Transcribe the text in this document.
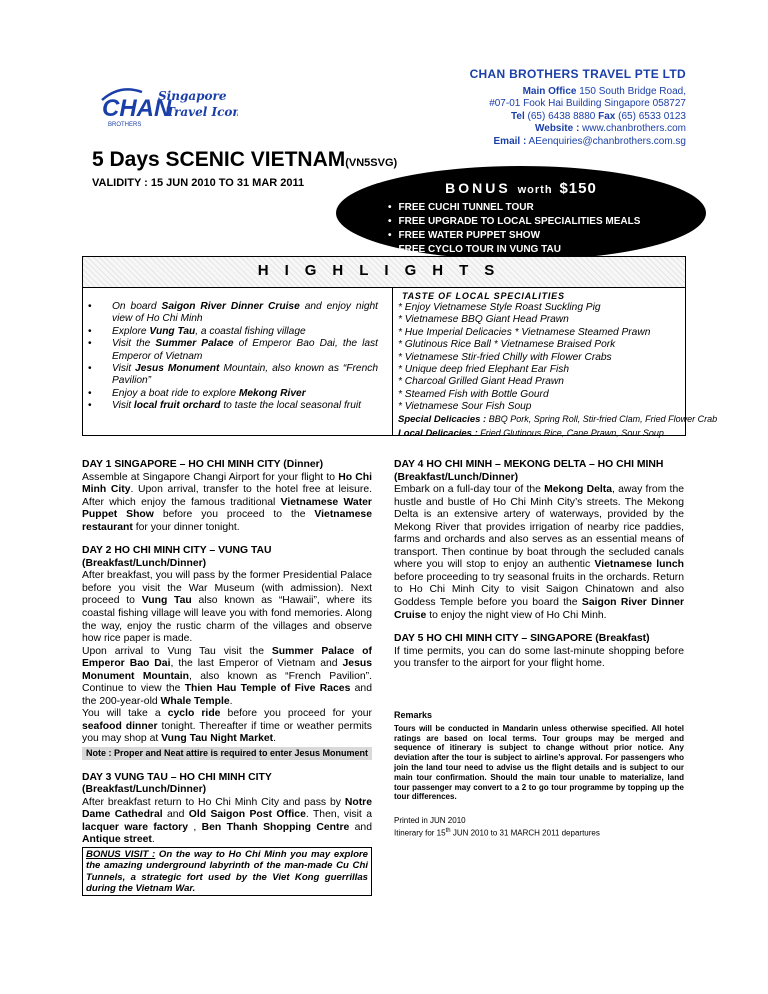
CHAN
BROTHERS
Singapore
Travel Icon
CHAN BROTHERS TRAVEL PTE LTD
Main Office 150 South Bridge Road,
#07-01 Fook Hai Building Singapore 058727
Tel (65) 6438 8880 Fax (65) 6533 0123
Website : www.chanbrothers.com
Email : AEenquiries@chanbrothers.com.sg
5 Days SCENIC VIETNAM(VN5SVG)
VALIDITY : 15 JUN 2010 TO 31 MAR 2011	BONUS worth $150
• FREE CUCHI TUNNEL TOUR
• FREE UPGRADE TO LOCAL SPECIALITIES MEALS
• FREE WATER PUPPET SHOW
• FREE CYCLO TOUR IN VUNG TAU
HIGHLIGHTS
• On board Saigon River Dinner Cruise and enjoy night view of Ho Chi Minh
• Explore Vung Tau, a coastal fishing village
• Visit the Summer Palace of Emperor Bao Dai, the last Emperor of Vietnam
• Visit Jesus Monument Mountain, also known as “French Pavilion”
• Enjoy a boat ride to explore Mekong River
• Visit local fruit orchard to taste the local seasonal fruit
TASTE OF LOCAL SPECIALITIES
* Enjoy Vietnamese Style Roast Suckling Pig
* Vietnamese BBQ Giant Head Prawn
* Hue Imperial Delicacies * Vietnamese Steamed Prawn
* Glutinous Rice Ball * Vietnamese Braised Pork
* Vietnamese Stir-fried Chilly with Flower Crabs
* Unique deep fried Elephant Ear Fish
* Charcoal Grilled Giant Head Prawn
* Steamed Fish with Bottle Gourd
* Vietnamese Sour Fish Soup
Special Delicacies : BBQ Pork, Spring Roll, Stir-fried Clam, Fried Flower Crab
Local Delicacies : Fried Glutinous Rice, Cane Prawn, Sour Soup

DAY 1 SINGAPORE – HO CHI MINH CITY (Dinner)

Assemble at Singapore Changi Airport for your flight to Ho Chi Minh City. Upon arrival, transfer to the hotel free at leisure. After which enjoy the famous traditional Vietnamese Water Puppet Show before you proceed to the Vietnamese restaurant for your dinner tonight.

DAY 2 HO CHI MINH CITY – VUNG TAU

(Breakfast/Lunch/Dinner)

After breakfast, you will pass by the former Presidential Palace before you visit the War Museum (with admission). Next proceed to Vung Tau also known as “Hawaii”, where its coastal fishing village will leave you with fond memories. Along the way, enjoy the rustic charm of the villages and observe how rice paper is made.

Upon arrival to Vung Tau visit the Summer Palace of Emperor Bao Dai, the last Emperor of Vietnam and Jesus Monument Mountain, also known as “French Pavilion”. Continue to view the Thien Hau Temple of Five Races and the 200-year-old Whale Temple.

You will take a cyclo ride before you proceed for your seafood dinner tonight. Thereafter if time or weather permits you may shop at Vung Tau Night Market.

Note : Proper and Neat attire is required to enter Jesus Monument

DAY 3 VUNG TAU – HO CHI MINH CITY

(Breakfast/Lunch/Dinner)

After breakfast return to Ho Chi Minh City and pass by Notre Dame Cathedral and Old Saigon Post Office. Then, visit a lacquer ware factory , Ben Thanh Shopping Centre and Antique street.

BONUS VISIT : On the way to Ho Chi Minh you may explore the amazing underground labyrinth of the man-made Cu Chi Tunnels, a strategic fort used by the Viet Kong guerrillas during the Vietnam War.

DAY 4 HO CHI MINH – MEKONG DELTA – HO CHI MINH

(Breakfast/Lunch/Dinner)

Embark on a full-day tour of the Mekong Delta, away from the hustle and bustle of Ho Chi Minh City’s streets. The Mekong Delta is an extensive artery of waterways, provided by the Mekong River that provides irrigation of nearby rice paddies, farms and orchards and also serves as an essential means of transport. Then continue by boat through the secluded canals where you will stop to enjoy an authentic Vietnamese lunch before proceeding to try seasonal fruits in the orchards. Return to Ho Chi Minh City to visit Saigon Chinatown and also Goddess Temple before you board the Saigon River Dinner Cruise to enjoy the night view of Ho Chi Minh.

DAY 5 HO CHI MINH CITY – SINGAPORE (Breakfast)

If time permits, you can do some last-minute shopping before you transfer to the airport for your flight home.

Remarks
Tours will be conducted in Mandarin unless otherwise specified. All hotel ratings are based on local terms. Tour groups may be merged and sequence of itinerary is subject to change without prior notice. Any deviation after the tour is subject to airline’s approval. For passengers who join the land tour need to advise us the flight details and is subject to our main tour confirmation. Should the main tour unable to materialize, land tour passenger may convert to a 2 to go tour programme by topping up the tour differences.
Printed in JUN 2010
Itinerary for 15th JUN 2010 to 31 MARCH 2011 departures
